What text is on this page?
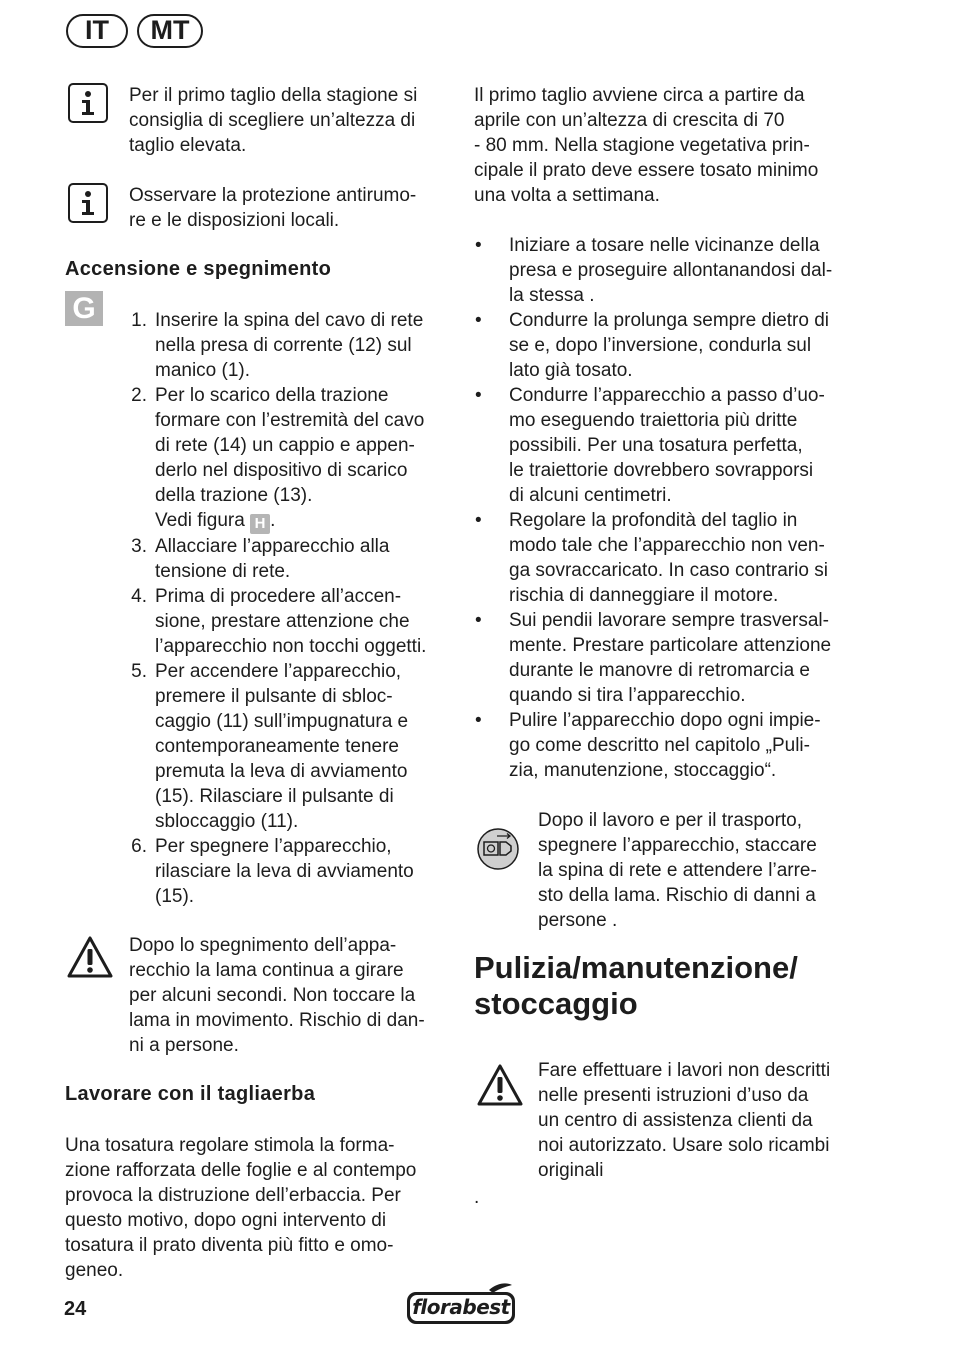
IT	MT
Per il primo taglio della stagione si consiglia di scegliere un’altezza di taglio elevata.
Osservare la protezione antirumo-re e le disposizioni locali.
Accensione e spegnimento
G	1. Inserire la spina del cavo di rete
nella presa di corrente (12) sul
manico (1).
2. Per lo scarico della trazione
formare con l’estremità del cavo
di rete (14) un cappio e appen-
derlo nel dispositivo di scarico
della trazione (13).
Vedi figura H .
3. Allacciare l’apparecchio alla
tensione di rete.
4. Prima di procedere all’accen-
sione, prestare attenzione che
l’apparecchio non tocchi oggetti.
5. Per accendere l’apparecchio,
premere il pulsante di sbloc-
caggio (11) sull’impugnatura e
contemporaneamente tenere
premuta la leva di avviamento
(15). Rilasciare il pulsante di
sbloccaggio (11).
6. Per spegnere l’apparecchio,
rilasciare la leva di avviamento
(15).
Dopo lo spegnimento dell’appa-
recchio la lama continua a girare
per alcuni secondi. Non toccare la
lama in movimento. Rischio di dan-
ni a persone.
Lavorare con il tagliaerba
Una tosatura regolare stimola la forma-
zione rafforzata delle foglie e al contempo
provoca la distruzione dell’erbaccia. Per
questo motivo, dopo ogni intervento di
tosatura il prato diventa più fitto e omo-
geneo.
Il primo taglio avviene circa a partire da
aprile con un’altezza di crescita di 70
- 80 mm. Nella stagione vegetativa prin-
cipale il prato deve essere tosato minimo
una volta a settimana.
• Iniziare a tosare nelle vicinanze della
presa e proseguire allontanandosi dal-
la stessa .
• Condurre la prolunga sempre dietro di
se e, dopo l’inversione, condurla sul
lato già tosato.
• Condurre l’apparecchio a passo d’uo-
mo eseguendo traiettoria più dritte
possibili. Per una tosatura perfetta,
le traiettorie dovrebbero sovrapporsi
di alcuni centimetri.
• Regolare la profondità del taglio in
modo tale che l’apparecchio non ven-
ga sovraccaricato. In caso contrario si
rischia di danneggiare il motore.
• Sui pendii lavorare sempre trasversal-
mente. Prestare particolare attenzione
durante le manovre di retromarcia e
quando si tira l’apparecchio.
• Pulire l’apparecchio dopo ogni impie-
go come descritto nel capitolo „Puli-
zia, manutenzione, stoccaggio“.
Dopo il lavoro e per il trasporto,
spegnere l’apparecchio, staccare
la spina di rete e attendere l’arre-
sto della lama. Rischio di danni a
persone .
Pulizia/manutenzione/
stoccaggio
Fare effettuare i lavori non descritti
nelle presenti istruzioni d’uso da
un centro di assistenza clienti da
noi autorizzato. Usare solo ricambi
originali
.
24	florabest
